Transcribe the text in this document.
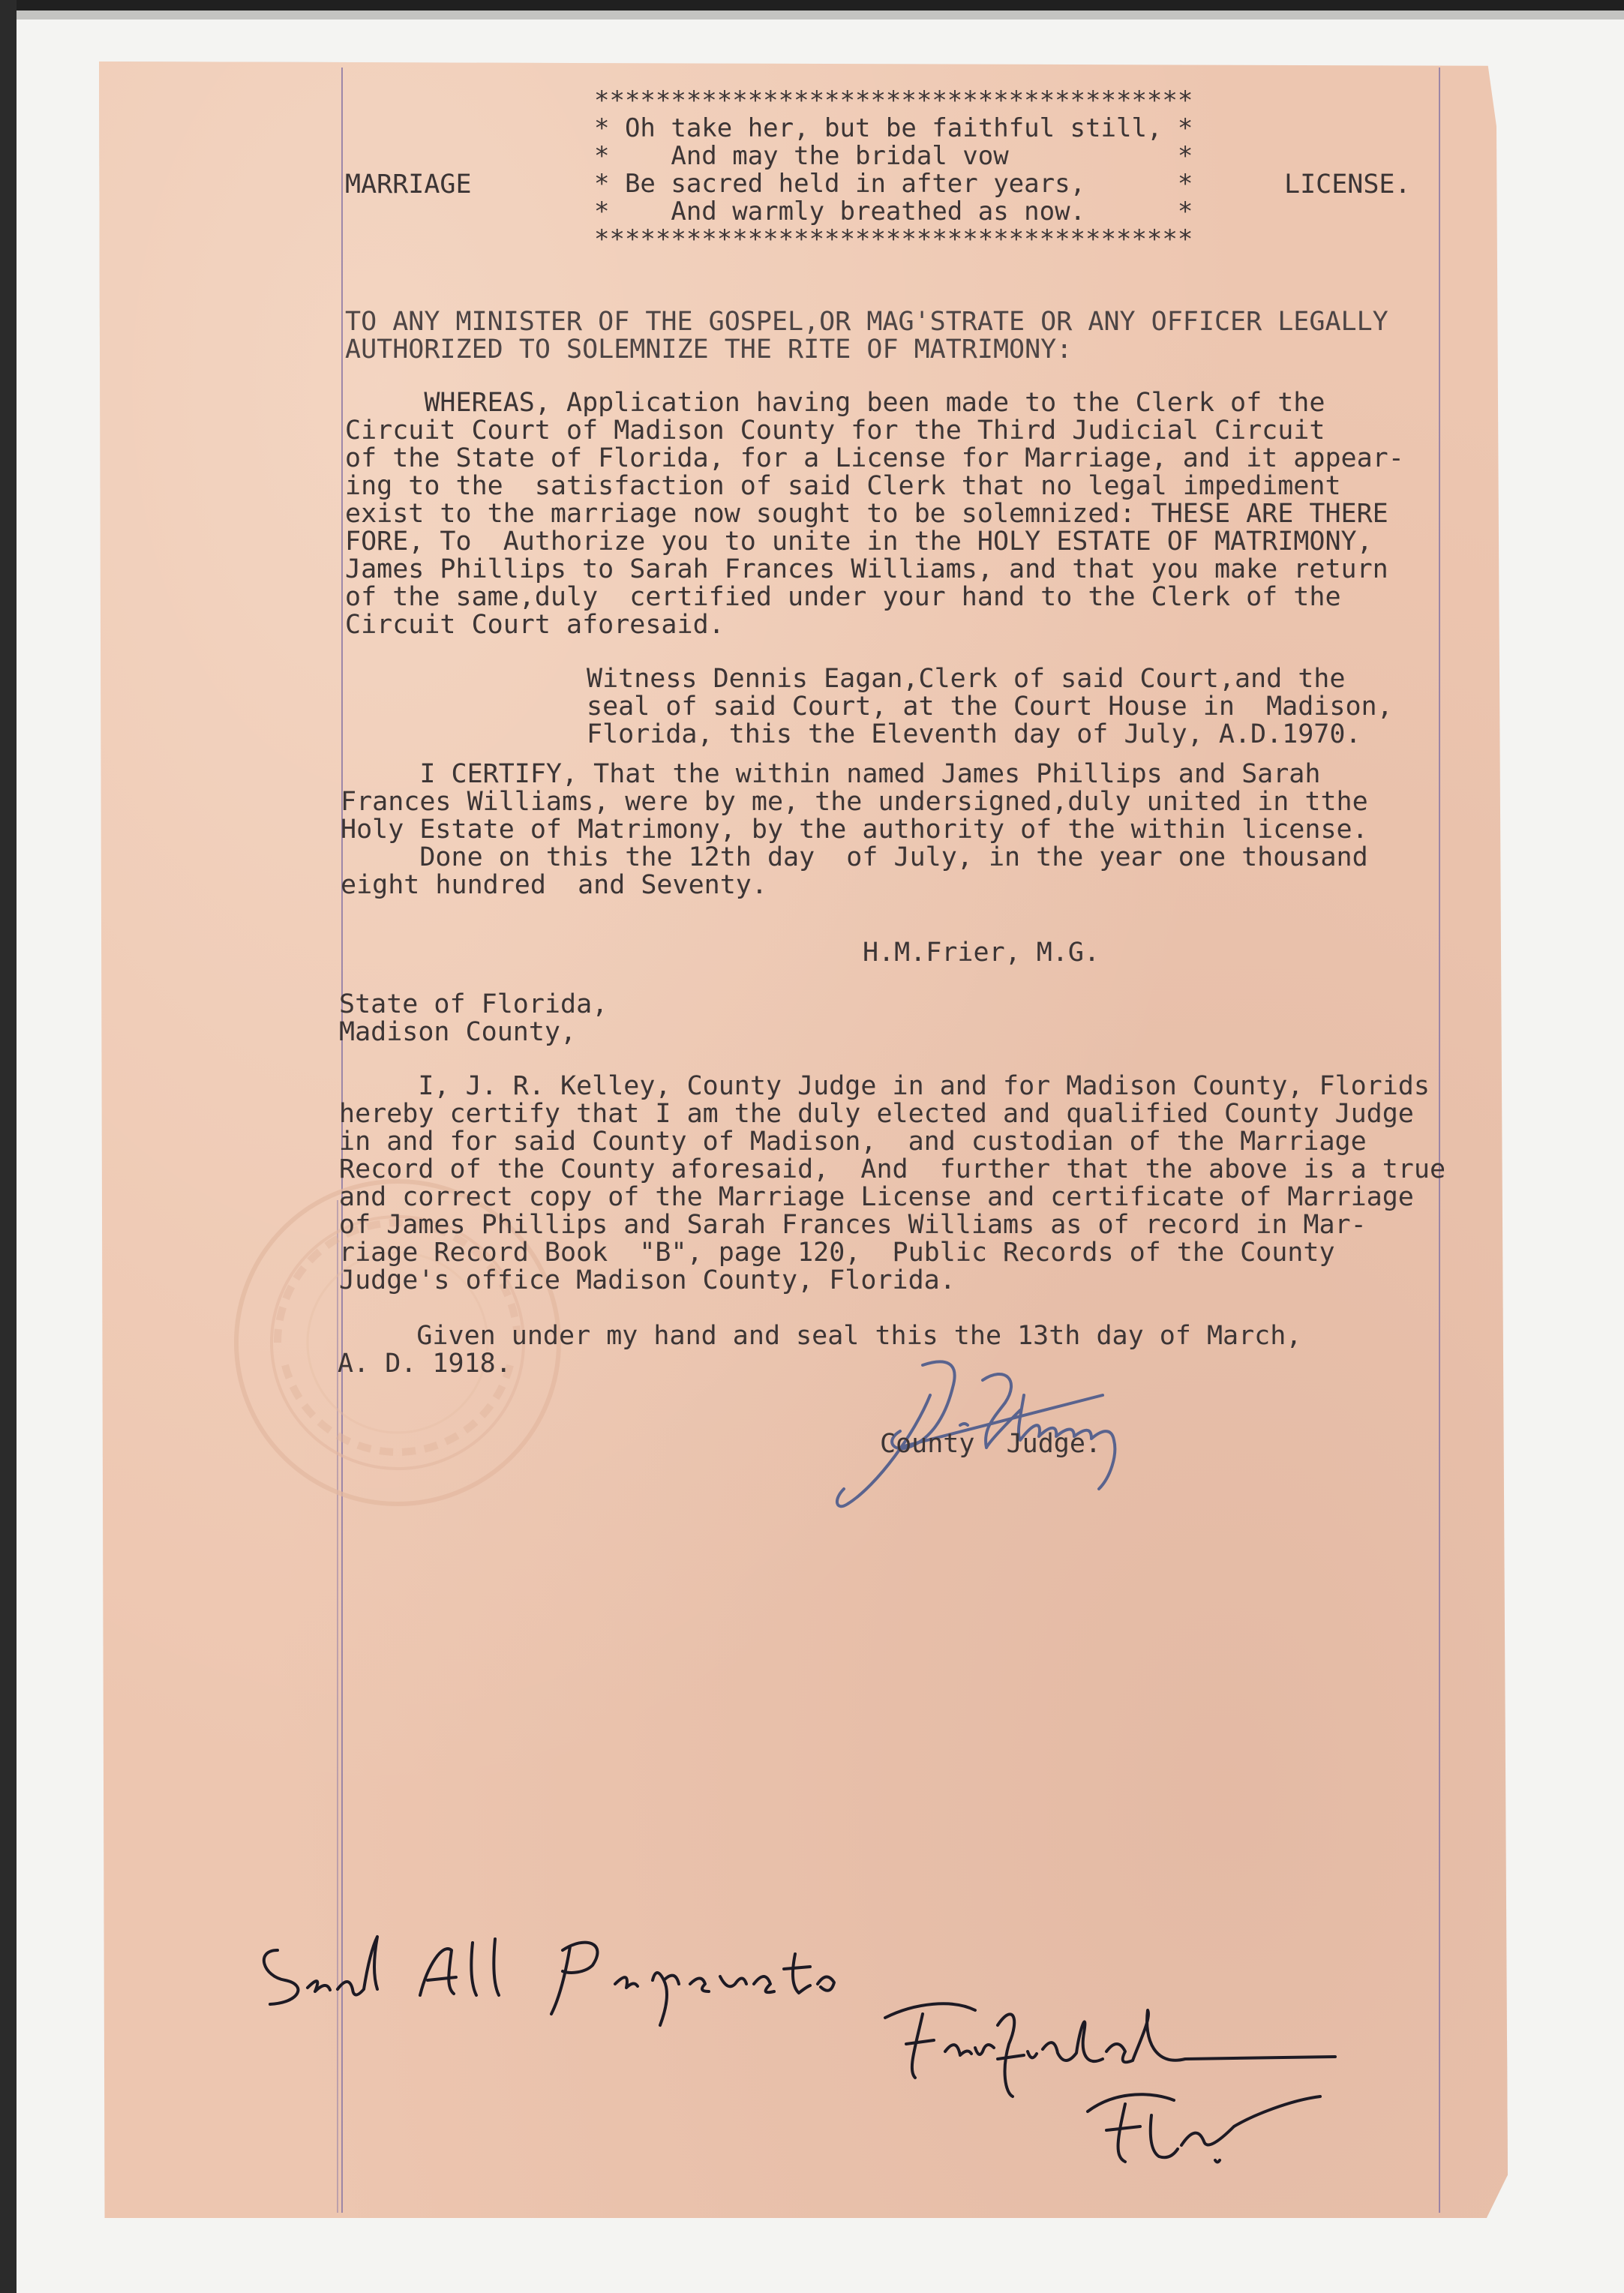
***************************************
* Oh take her, but be faithful still, *
*    And may the bridal vow           *
* Be sacred held in after years,      *
*    And warmly breathed as now.      *
***************************************
MARRIAGE	LICENSE.
TO ANY MINISTER OF THE GOSPEL,OR MAG'STRATE OR ANY OFFICER LEGALLY
AUTHORIZED TO SOLEMNIZE THE RITE OF MATRIMONY:
WHEREAS, Application having been made to the Clerk of the
Circuit Court of Madison County for the Third Judicial Circuit
of the State of Florida, for a License for Marriage, and it appear-
ing to the  satisfaction of said Clerk that no legal impediment
exist to the marriage now sought to be solemnized: THESE ARE THERE
FORE, To  Authorize you to unite in the HOLY ESTATE OF MATRIMONY,
James Phillips to Sarah Frances Williams, and that you make return
of the same,duly  certified under your hand to the Clerk of the
Circuit Court aforesaid.
Witness Dennis Eagan,Clerk of said Court,and the
seal of said Court, at the Court House in  Madison,
Florida, this the Eleventh day of July, A.D.1970.
I CERTIFY, That the within named James Phillips and Sarah
Frances Williams, were by me, the undersigned,duly united in tthe
Holy Estate of Matrimony, by the authority of the within license.
Done on this the 12th day  of July, in the year one thousand
eight hundred  and Seventy.
H.M.Frier, M.G.
State of Florida,
Madison County,
I, J. R. Kelley, County Judge in and for Madison County, Florids
hereby certify that I am the duly elected and qualified County Judge
in and for said County of Madison,  and custodian of the Marriage
Record of the County aforesaid,  And  further that the above is a true
and correct copy of the Marriage License and certificate of Marriage
of James Phillips and Sarah Frances Williams as of record in Mar-
riage Record Book  "B", page 120,  Public Records of the County
Judge's office Madison County, Florida.
Given under my hand and seal this the 13th day of March,
A. D. 1918.
County  Judge.
